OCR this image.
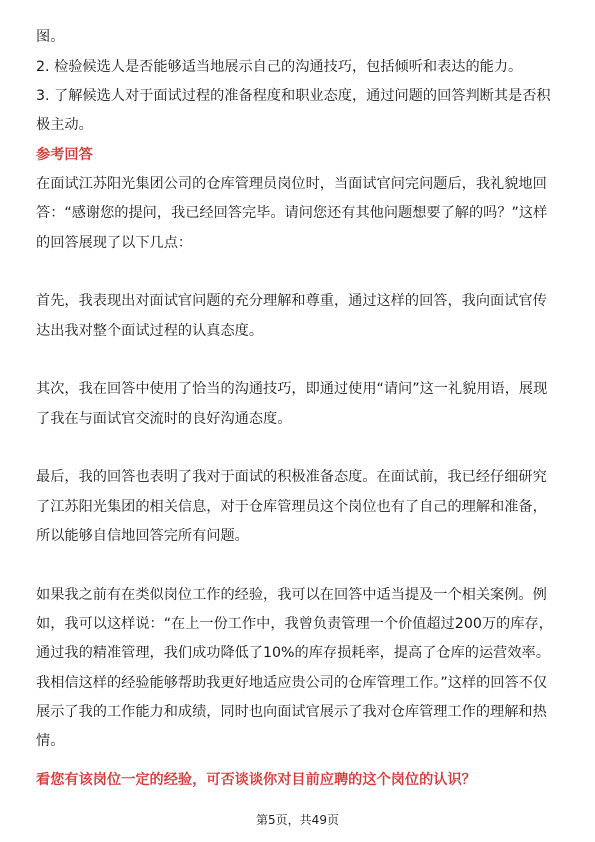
图。
2. 检验候选人是否能够适当地展示自己的沟通技巧，包括倾听和表达的能力。
3. 了解候选人对于面试过程的准备程度和职业态度，通过问题的回答判断其是否积
极主动。
参考回答
在面试江苏阳光集团公司的仓库管理员岗位时，当面试官问完问题后，我礼貌地回
答：“感谢您的提问，我已经回答完毕。请问您还有其他问题想要了解的吗？”这样
的回答展现了以下几点：
首先，我表现出对面试官问题的充分理解和尊重，通过这样的回答，我向面试官传
达出我对整个面试过程的认真态度。
其次，我在回答中使用了恰当的沟通技巧，即通过使用“请问”这一礼貌用语，展现
了我在与面试官交流时的良好沟通态度。
最后，我的回答也表明了我对于面试的积极准备态度。在面试前，我已经仔细研究
了江苏阳光集团的相关信息，对于仓库管理员这个岗位也有了自己的理解和准备，
所以能够自信地回答完所有问题。
如果我之前有在类似岗位工作的经验，我可以在回答中适当提及一个相关案例。例
如，我可以这样说：“在上一份工作中，我曾负责管理一个价值超过200万的库存，
通过我的精准管理，我们成功降低了10%的库存损耗率，提高了仓库的运营效率。
我相信这样的经验能够帮助我更好地适应贵公司的仓库管理工作。”这样的回答不仅
展示了我的工作能力和成绩，同时也向面试官展示了我对仓库管理工作的理解和热
情。
看您有该岗位一定的经验，可否谈谈你对目前应聘的这个岗位的认识？
第5页，共49页
